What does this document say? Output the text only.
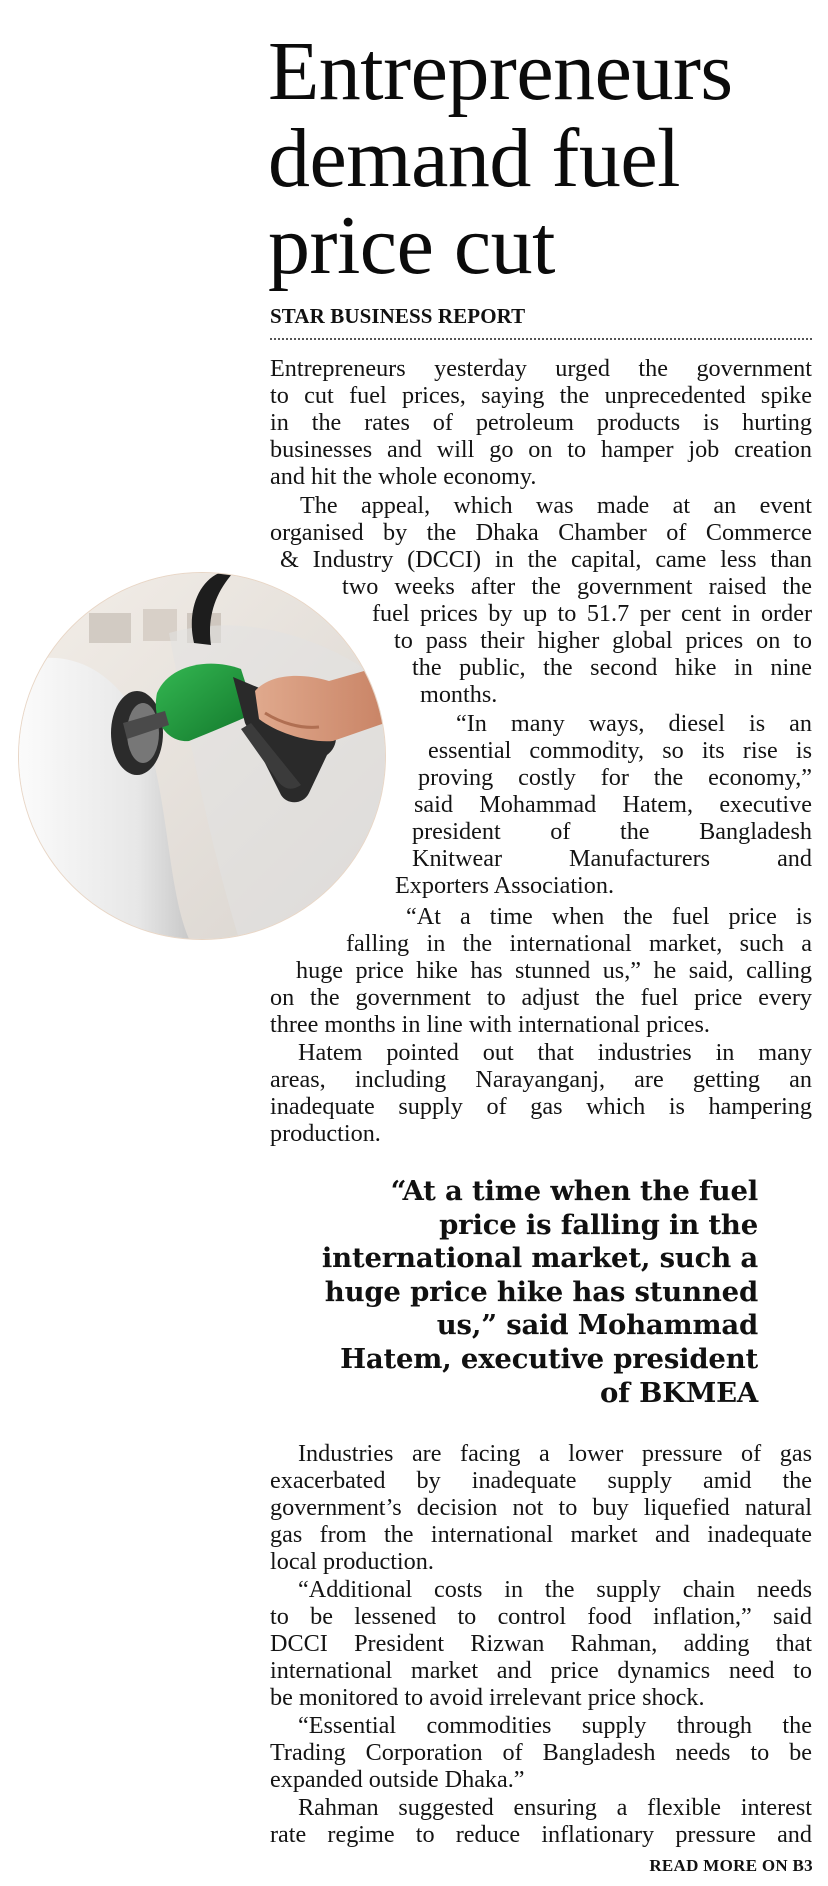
Entrepreneurs demand fuel price cut
STAR BUSINESS REPORT
Entrepreneurs yesterday urged the government
to cut fuel prices, saying the unprecedented spike
in the rates of petroleum products is hurting
businesses and will go on to hamper job creation
and hit the whole economy.
The appeal, which was made at an event
organised by the Dhaka Chamber of Commerce
& Industry (DCCI) in the capital, came less than
two weeks after the government raised the
fuel prices by up to 51.7 per cent in order
to pass their higher global prices on to
the public, the second hike in nine
months.
“In many ways, diesel is an
essential commodity, so its rise is
proving costly for the economy,”
said Mohammad Hatem, executive
president of the Bangladesh
Knitwear Manufacturers and
Exporters Association.
“At a time when the fuel price is
falling in the international market, such a
huge price hike has stunned us,” he said, calling
on the government to adjust the fuel price every
three months in line with international prices.
Hatem pointed out that industries in many
areas, including Narayanganj, are getting an
inadequate supply of gas which is hampering
production.
Industries are facing a lower pressure of gas
exacerbated by inadequate supply amid the
government’s decision not to buy liquefied natural
gas from the international market and inadequate
local production.
“Additional costs in the supply chain needs
to be lessened to control food inflation,” said
DCCI President Rizwan Rahman, adding that
international market and price dynamics need to
be monitored to avoid irrelevant price shock.
“Essential commodities supply through the
Trading Corporation of Bangladesh needs to be
expanded outside Dhaka.”
Rahman suggested ensuring a flexible interest
rate regime to reduce inflationary pressure and
“At a time when the fuel
price is falling in the
international market, such a
huge price hike has stunned
us,” said Mohammad
Hatem, executive president
of BKMEA
READ MORE ON B3
